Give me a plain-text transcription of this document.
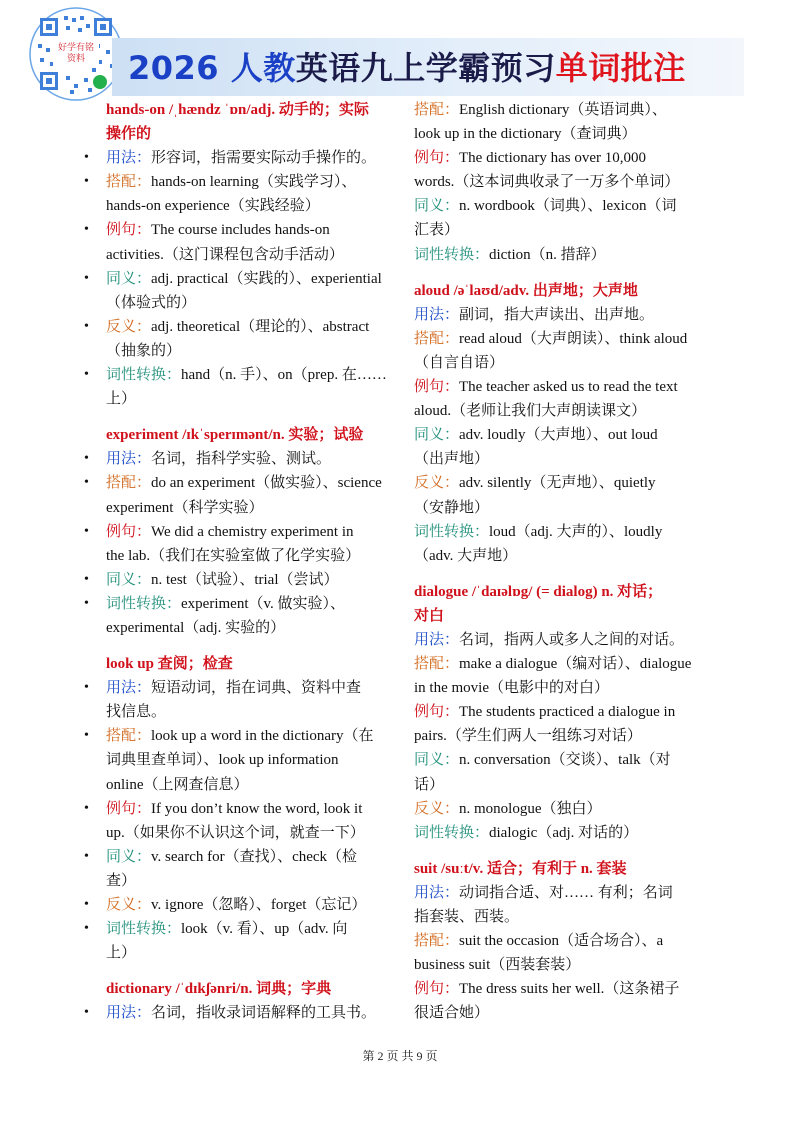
好学有铭
资料	2026 人教英语九上学霸预习单词批注
hands-on /ˌhændz ˈɒn/adj. 动手的；实际
操作的
• 用法：形容词，指需要实际动手操作的。
• 搭配：hands-on learning（实践学习）、
hands-on experience（实践经验）
• 例句：The course includes hands-on
activities.（这门课程包含动手活动）
• 同义：adj. practical（实践的）、experiential
（体验式的）
• 反义：adj. theoretical（理论的）、abstract
（抽象的）
• 词性转换：hand（n. 手）、on（prep. 在……
上）
experiment /ɪkˈsperɪmənt/n. 实验；试验
• 用法：名词，指科学实验、测试。
• 搭配：do an experiment（做实验）、science
experiment（科学实验）
• 例句：We did a chemistry experiment in
the lab.（我们在实验室做了化学实验）
• 同义：n. test（试验）、trial（尝试）
• 词性转换：experiment（v. 做实验）、
experimental（adj. 实验的）
look up 查阅；检查
• 用法：短语动词，指在词典、资料中查
找信息。
• 搭配：look up a word in the dictionary（在
词典里查单词）、look up information
online（上网查信息）
• 例句：If you don’t know the word, look it
up.（如果你不认识这个词，就查一下）
• 同义：v. search for（查找）、check（检
查）
• 反义：v. ignore（忽略）、forget（忘记）
• 词性转换：look（v. 看）、up（adv. 向
上）
dictionary /ˈdɪkʃənri/n. 词典；字典
• 用法：名词，指收录词语解释的工具书。
搭配：English dictionary（英语词典）、
look up in the dictionary（查词典）
例句：The dictionary has over 10,000
words.（这本词典收录了一万多个单词）
同义：n. wordbook（词典）、lexicon（词
汇表）
词性转换：diction（n. 措辞）
aloud /əˈlaʊd/adv. 出声地；大声地
用法：副词，指大声读出、出声地。
搭配：read aloud（大声朗读）、think aloud
（自言自语）
例句：The teacher asked us to read the text
aloud.（老师让我们大声朗读课文）
同义：adv. loudly（大声地）、out loud
（出声地）
反义：adv. silently（无声地）、quietly
（安静地）
词性转换：loud（adj. 大声的）、loudly
（adv. 大声地）
dialogue /ˈdaɪəlɒg/ (= dialog) n. 对话；
对白
用法：名词，指两人或多人之间的对话。
搭配：make a dialogue（编对话）、dialogue
in the movie（电影中的对白）
例句：The students practiced a dialogue in
pairs.（学生们两人一组练习对话）
同义：n. conversation（交谈）、talk（对
话）
反义：n. monologue（独白）
词性转换：dialogic（adj. 对话的）
suit /suːt/v. 适合；有利于 n. 套装
用法：动词指合适、对…… 有利；名词
指套装、西装。
搭配：suit the occasion（适合场合）、a
business suit（西装套装）
例句：The dress suits her well.（这条裙子
很适合她）
第 2 页 共 9 页
